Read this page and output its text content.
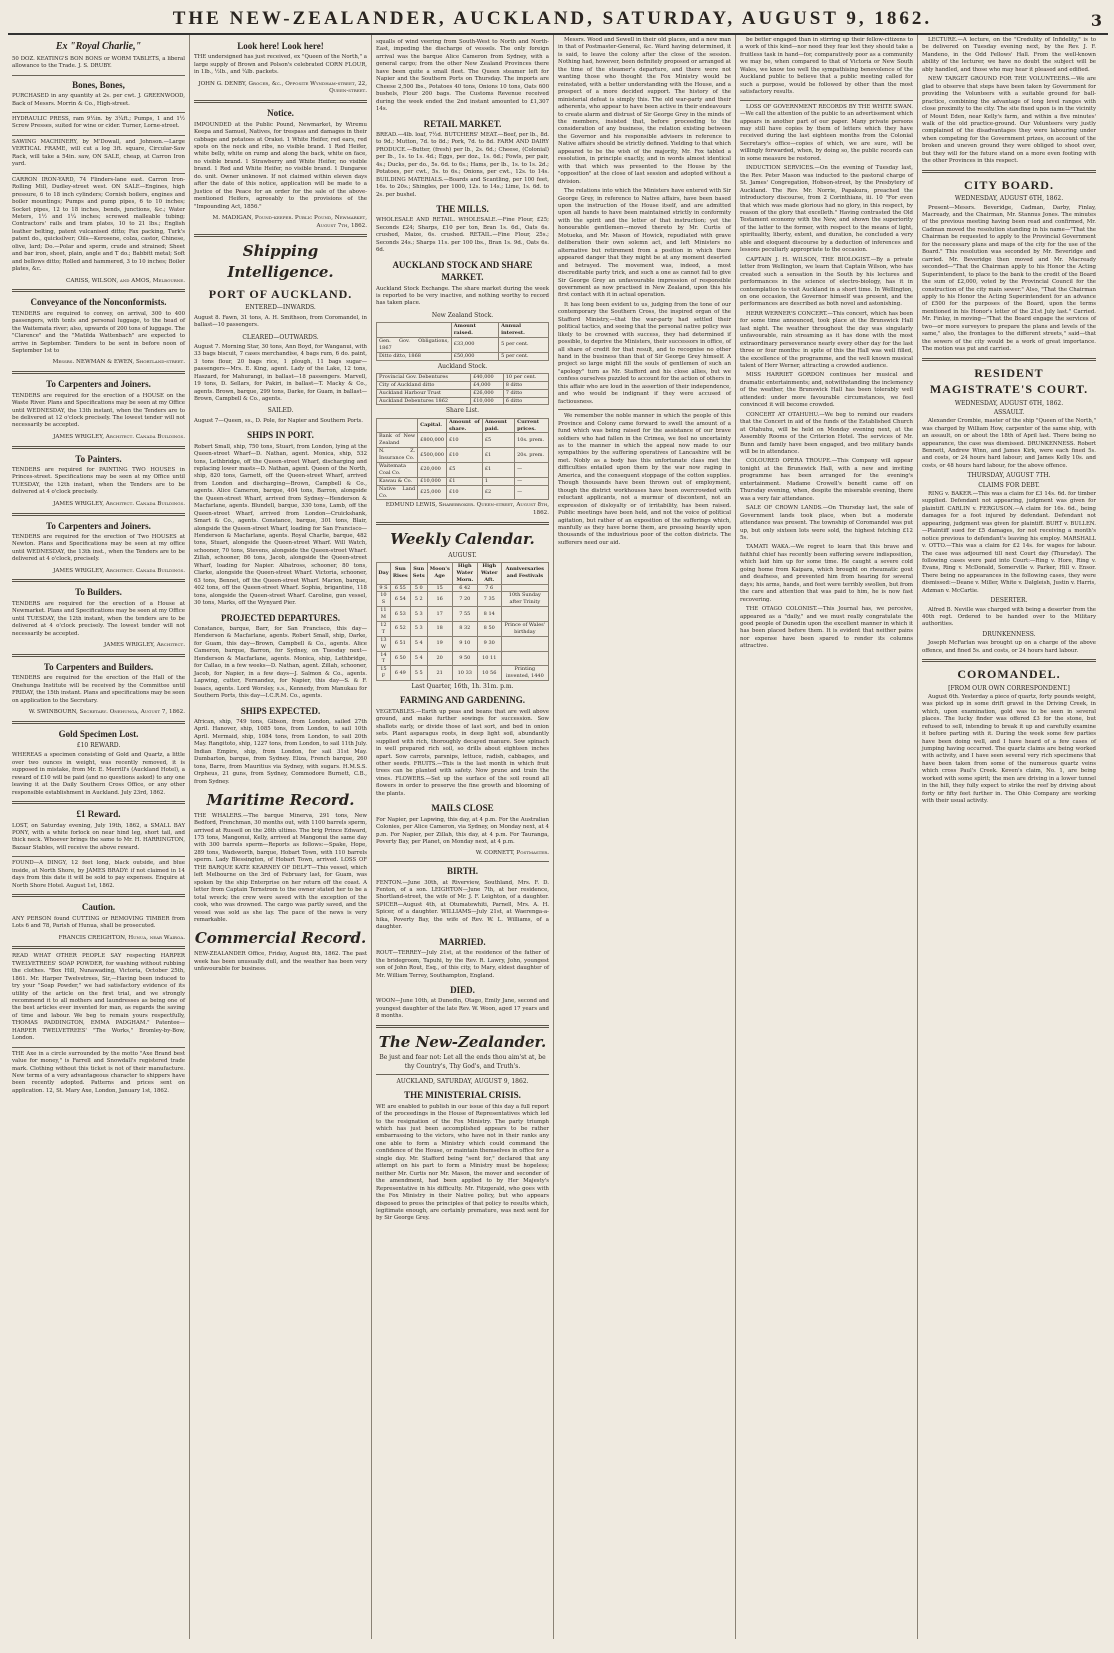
THE NEW-ZEALANDER, AUCKLAND, SATURDAY, AUGUST 9, 1862.	3
Ex "Royal Charlie,"
50 DOZ. KEATING'S BON BONS or WORM TABLETS, a liberal allowance to the Trade. J. S. DRUBY.
Bones, Bones,
PURCHASED in any quantity at 2s. per cwt. J. GREENWOOD, Back of Messrs. Morrin & Co., High-street.
HYDRAULIC PRESS, ram 9½in. by 3¼ft.; Pumps, 1 and 1½ Screw Presses, suited for wine or cider. Turner, Lorne-street.
SAWING MACHINERY, by M'Dowall, and Johnson.—Large VERTICAL FRAME, will cut a log 3ft. square, Circular-Saw Rack, will take a 54in. saw, ON SALE, cheap, at Carron Iron yard.
CARRON IRON-YARD, 74 Flinders-lane east. Carron Iron-Rolling Mill, Dudley-street west. ON SALE—Engines, high pressure, 6 to 18 inch cylinders; Cornish boilers, engines and boiler mountings; Pumps and pump pipes, 6 to 10 inches; Socket pipes, 12 to 18 inches, bends, junctions, &c.; Water Meters, 1½ and 1¼ inches; screwed malleable tubing; Contractors' rails and tram plates, 10 to 21 lbs.; English leather belting, patent vulcanised ditto; Fax packing, Turk's patent do., quicksilver; Oils—Kerosene, colza, castor, Chinese, olive, lard; Do.—Polar and sperm, crude and strained; Sheet and bar iron, sheet, plain, angle and T do.; Babbitt metal; Soft and bellows ditto; Rolled and hammered, 3 to 10 inches; Boiler plates, &c.
CARISS, WILSON, and AMOS, Melbourne.
Conveyance of the Nonconformists.
TENDERS are required to convey, on arrival, 300 to 400 passengers, with tents and personal luggage, to the head of the Waitemata river; also, upwards of 200 tons of luggage. The "Clarence" and the "Matilda Wattenbach" are expected to arrive in September. Tenders to be sent in before noon of September 1st to
Messrs. NEWMAN & EWEN, Shortland-street.
To Carpenters and Joiners.
TENDERS are required for the erection of a HOUSE on the Waste River. Plans and Specifications may be seen at my Office until WEDNESDAY, the 13th instant, when the Tenders are to be delivered at 12 o'clock precisely. The lowest tender will not necessarily be accepted.
JAMES WRIGLEY, Architect. Canada Buildings.
To Painters.
TENDERS are required for PAINTING TWO HOUSES in Princes-street. Specifications may be seen at my Office until TUESDAY, the 12th instant, when the Tenders are to be delivered at 4 o'clock precisely.
JAMES WRIGLEY, Architect. Canada Buildings.
To Carpenters and Joiners.
TENDERS are required for the erection of Two HOUSES at Newton. Plans and Specifications may be seen at my office until WEDNESDAY, the 13th inst., when the Tenders are to be delivered at 4 o'clock, precisely.
JAMES WRIGLEY, Architect. Canada Buildings.
To Builders.
TENDERS are required for the erection of a House at Newmarket. Plans and Specifications may be seen at my Office until TUESDAY, the 12th instant, when the tenders are to be delivered at 4 o'clock precisely. The lowest tender will not necessarily be accepted.
JAMES WRIGLEY, Architect.
To Carpenters and Builders.
TENDERS are required for the erection of the Hall of the Onehunga Institute will be received by the Committee until FRIDAY, the 15th instant. Plans and specifications may be seen on application to the Secretary.
W. SWINBOURN, Secretary. Onehunga, August 7, 1862.
Gold Specimen Lost.
£10 REWARD.
WHEREAS a specimen consisting of Gold and Quartz, a little over two ounces in weight, was recently removed, it is supposed in mistake, from Mr. E. Merrill's (Auckland Hotel), a reward of £10 will be paid (and no questions asked) to any one leaving it at the Daily Southern Cross Office, or any other responsible establishment in Auckland. July 23rd, 1862.
£1 Reward.
LOST, on Saturday evening, July 19th, 1862, a SMALL BAY PONY, with a white forlock on near hind leg, short tail, and thick neck. Whoever brings the same to Mr. H. HARRINGTON, Bazaar Stables, will receive the above reward.
FOUND—A DINGY, 12 feet long, black outside, and blue inside, at North Shore, by JAMES BRADY: if not claimed in 14 days from this date it will be sold to pay expenses. Enquire at North Shore Hotel. August 1st, 1862.
Caution.
ANY PERSON found CUTTING or REMOVING TIMBER from Lots 6 and 78, Parish of Hunua, shall be prosecuted.
FRANCIS CREIGHTON, Hunua, near Wairoa.
READ WHAT OTHER PEOPLE SAY respecting HARPER TWELVETREES' SOAP POWDER, for washing without rubbing the clothes. "Box Hill, Nunawading, Victoria, October 25th, 1861. Mr. Harper Twelvetrees, Sir,—Having been induced to try your "Soap Powder," we had satisfactory evidence of its utility of the article on the first trial, and we strongly recommend it to all mothers and laundresses as being one of the best articles ever invented for man, as regards the saving of time and labour. We beg to remain yours respectfully, THOMAS PADDINGTON, EMMA PADGHAM." Patentee—HARPER TWELVETREES' "The Works," Bromley-by-Bow, London.
THE Axe in a circle surrounded by the motto "Axe Brand best value for money," is Farrell and Snowdall's registered trade mark. Clothing without this ticket is not of their manufacture. New terms of a very advantageous character to shippers have been recently adopted. Patterns and prices sent on application. 12, St. Mary Axe, London, January 1st, 1862.
Look here! Look here!
THE undersigned has just received, ex "Queen of the North," a large supply of Brown and Polson's celebrated CORN FLOUR, in 1lb., ½lb., and ¼lb. packets.
JOHN G. DENBY, Grocer, &c., Opposite Wyndham-street, 22, Queen-street.
Notice.
IMPOUNDED at the Public Pound, Newmarket, by Wiremu Keepa and Samuel, Natives, for trespass and damages in their cabbage and potatoes at Orakei. 1 White Heifer, red ears, red spots on the neck and ribs, no visible brand. 1 Red Heifer, white belly, white on rump and along the back, white on face, no visible brand. 1 Strawberry and White Heifer, no visible brand. 1 Red and White Heifer, no visible brand. 1 Dungaree do. unit. Owner unknown. If not claimed within eleven days after the date of this notice, application will be made to a Justice of the Peace for an order for the sale of the above-mentioned Heifers, agreeably to the provisions of the "Impounding Act, 1856."
M. MADIGAN, Pound-keeper. Public Pound, Newmarket, August 7th, 1862.
Shipping Intelligence.
PORT OF AUCKLAND.
ENTERED—INWARDS.
August 8. Fawn, 31 tons, A. H. Smithson, from Coromandel, in ballast—10 passengers.
CLEARED—OUTWARDS.
August 7. Morning Star, 30 tons, Ann Boyd, for Wanganui, with 33 bags biscuit, 7 cases merchandise, 4 bags rum, 6 do. paint, 3 tons flour, 20 bags rice, 1 plough, 11 bags sugar—passengers—Mrs. E. King, agent. Lady of the Lake, 12 tons, Haszard, for Mahurangi, in ballast—18 passengers. Marvell, 19 tons, D. Sellars, for Pakiri, in ballast—T. Macky & Co., agents. Brown, barque, 299 tons, Darke, for Guam, in ballast—Brown, Campbell & Co., agents.
SAILED.
August 7—Queen, ss., D. Pole, for Napier and Southern Ports.
SHIPS IN PORT.
Robert Small, ship, 750 tons, Stuart, from London, lying at the Queen-street Wharf—D. Nathan, agent. Monica, ship, 532 tons, Lethbridge, off the Queen-street Wharf, discharging and replacing lower masts—D. Nathan, agent. Queen of the North, ship, 820 tons, Garnett, off the Queen-street Wharf, arrived from London and discharging—Brown, Campbell & Co., agents. Alice Cameron, barque, 404 tons, Barron, alongside the Queen-street Wharf, arrived from Sydney—Henderson & Macfarlane, agents. Blundell, barque, 330 tons, Lamb, off the Queen-street Wharf, arrived from London—Cruickshank, Smart & Co., agents. Constance, barque, 301 tons, Blair, alongside the Queen-street Wharf, loading for San Francisco—Henderson & Macfarlane, agents. Royal Charlie, barque, 482 tons, Stuart, alongside the Queen-street Wharf. Will Watch, schooner, 70 tons, Stevens, alongside the Queen-street Wharf. Zillah, schooner, 86 tons, Jacob, alongside the Queen-street Wharf, loading for Napier. Albatross, schooner, 80 tons, Clarke, alongside the Queen-street Wharf. Victoria, schooner, 63 tons, Bennet, off the Queen-street Wharf. Marion, barque, 402 tons, off the Queen-street Wharf. Sophia, brigantine, 118 tons, alongside the Queen-street Wharf. Caroline, gun vessel, 30 tons, Marks, off the Wynyard Pier.
PROJECTED DEPARTURES.
Constance, barque, Barr, for San Francisco, this day—Henderson & Macfarlane, agents. Robert Small, ship, Darke, for Guam, this day—Brown, Campbell & Co., agents. Alice Cameron, barque, Barron, for Sydney, on Tuesday next—Henderson & Macfarlane, agents. Monica, ship, Lethbridge, for Callao, in a few weeks—D. Nathan, agent. Zillah, schooner, Jacob, for Napier, in a few days—J. Salmon & Co., agents. Lapwing, cutter, Fernandez, for Napier, this day—S. & F. Isaacs, agents. Lord Worsley, s.s., Kennedy, from Manukau for Southern Ports, this day—I.C.R.M. Co., agents.
SHIPS EXPECTED.
African, ship, 749 tons, Gibson, from London, sailed 27th April. Hanover, ship, 1085 tons, from London, to sail 10th April. Mermaid, ship, 1084 tons, from London, to sail 20th May. Rangitoto, ship, 1227 tons, from London, to sail 11th July. Indian Empire, ship, from London, for sail 31st May. Dumbarton, barque, from Sydney. Eliza, French barque, 260 tons, Barre, from Mauritius via Sydney, with sugars. H.M.S.S. Orpheus, 21 guns, from Sydney, Commodore Burnett, C.B., from Sydney.
Maritime Record.
THE WHALERS.—The barque Minerva, 291 tons, New Bedford, Frenchman, 30 months out, with 1100 barrels sperm, arrived at Russell on the 26th ultimo. The brig Prince Edward, 175 tons, Mangonui, Kelly, arrived at Mangonui the same day with 300 barrels sperm—Reports as follows:—Spake, Hope, 289 tons, Wadsworth, barque, Hobart Town, with 110 barrels sperm. Lady Blessington, of Hobart Town, arrived. LOSS OF THE BARQUE KATE KEARNEY OF DELFT—This vessel, which left Melbourne on the 3rd of February last, for Guam, was spoken by the ship Enterprise on her return off the coast. A letter from Captain Ternstrom to the owner stated her to be a total wreck; the crew were saved with the exception of the cook, who was drowned. The cargo was partly saved, and the vessel was sold as she lay. The pace of the news is very remarkable.
Commercial Record.
NEW-ZEALANDER Office, Friday, August 8th, 1862. The past week has been unusually dull, and the weather has been very unfavourable for business.
squalls of wind veering from South-West to North and North-East, impeding the discharge of vessels. The only foreign arrival was the barque Alice Cameron from Sydney, with a general cargo; from the other New Zealand Provinces there have been quite a small fleet. The Queen steamer left for Napier and the Southern Ports on Thursday. The imports are Cheese 2,500 lbs., Potatoes 40 tons, Onions 10 tons, Oats 600 bushels, Flour 200 bags. The Customs Revenue received during the week ended the 2nd instant amounted to £1,307 14s.
RETAIL MARKET.
BREAD.—4lb. loaf, 7½d. BUTCHERS' MEAT.—Beef, per lb., 8d. to 9d.; Mutton, 7d. to 8d.; Pork, 7d. to 8d. FARM AND DAIRY PRODUCE.—Butter, (fresh) per lb., 2s. 6d.; Cheese, (Colonial) per lb., 1s. to 1s. 4d.; Eggs, per doz., 1s. 6d.; Fowls, per pair, 4s.; Ducks, per do., 5s. 6d. to 6s.; Hams, per lb., 1s. to 1s. 2d.; Potatoes, per cwt., 5s. to 6s.; Onions, per cwt., 12s. to 14s. BUILDING MATERIALS.—Boards and Scantling, per 100 feet, 16s. to 20s.; Shingles, per 1000, 12s. to 14s.; Lime, 1s. 6d. to 2s. per bushel.
THE MILLS.
WHOLESALE AND RETAIL. WHOLESALE.—Fine Flour, £25; Seconds £24; Sharps, £10 per ton, Bran 1s. 6d., Oats 6s. crushed, Maize, 6s. crushed. RETAIL.—Fine Flour, 25s.; Seconds 24s.; Sharps 11s. per 100 lbs., Bran 1s. 9d., Oats 6s. 6d.
AUCKLAND STOCK AND SHARE MARKET.
Auckland Stock Exchange. The share market during the week is reported to be very inactive, and nothing worthy to record has taken place.
New Zealand Stock.
	Amount raised.	Annual interest.
Gen. Gov. Obligations, 1867	£33,000	5 per cent.
Ditto ditto, 1868	£50,000	5 per cent.
Auckland Stock.
Provincial Gov. Debentures	£40,000	10 per cent.
City of Auckland ditto	£4,000	8 ditto
Auckland Harbour Trust	£26,000	7 ditto
Auckland Debentures 1862	£10,000	6 ditto
Share List.
	Capital.	Amount of share.	Amount paid.	Current prices.
Bank of New Zealand	£800,000	£10	£5	10s. prem.
N. Z. Insurance Co.	£500,000	£10	£1	20s. prem.
Waitemata Coal Co.	£20,000	£5	£1	—
Kawau & Co.	£10,000	£1	1	—
Native Land Co.	£25,000	£10	£2	—
EDMUND LEWIS, Sharebroker. Queen-street, August 8th, 1862.
Weekly Calendar.
AUGUST.
Day	Sun Rises	Sun Sets	Moon's Age	High Water Morn.	High Water Aft.	Anniversaries and Festivals
9 S	6 55	5 0	15	6 42	7 6	
10 S	6 54	5 2	16	7 20	7 35	10th Sunday after Trinity
11 M	6 53	5 3	17	7 55	8 14	
12 T	6 52	5 3	18	8 32	8 50	Prince of Wales' birthday
13 W	6 51	5 4	19	9 10	9 30	
14 T	6 50	5 4	20	9 50	10 11	
15 F	6 49	5 5	21	10 33	10 56	Printing invented, 1440
Last Quarter, 16th, 1h. 31m. p.m.
FARMING AND GARDENING.
VEGETABLES.—Earth up peas and beans that are well above ground, and make further sowings for succession. Sow shallots early, or divide those of last sort, and bed in onion sets. Plant asparagus roots, in deep light soil, abundantly supplied with rich, thoroughly decayed manure. Sow spinach in well prepared rich soil, so drills about eighteen inches apart. Sow carrots, parsnips, lettuce, radish, cabbages, and other seeds. FRUITS.—This is the last month in which fruit trees can be planted with safety. Now prune and train the vines. FLOWERS.—Set up the surface of the soil round all flowers in order to preserve the fine growth and blooming of the plants.
MAILS CLOSE
For Napier, per Lapwing, this day, at 4 p.m. For the Australian Colonies, per Alice Cameron, via Sydney, on Monday next, at 4 p.m. For Napier, per Zillah, this day, at 4 p.m. For Tauranga, Poverty Bay, per Planet, on Monday next, at 4 p.m.
W. CORNETT, Postmaster.
BIRTH.
FENTON.—June 30th, at Riverview, Southland, Mrs. F. D. Fenton, of a son. LEIGHTON—June 7th, at her residence, Shortland-street, the wife of Mr. J. F. Leighton, of a daughter. SPICER—August 4th, at Otumatewhiti, Parnell, Mrs. A. H. Spicer, of a daughter. WILLIAMS—July 21st, at Waerenga-a-hika, Poverty Bay, the wife of Rev. W. L. Williams, of a daughter.
MARRIED.
ROUT—TERREY—July 21st, at the residence of the father of the bridegroom, Tapuhi, by the Rev. R. Lawry, John, youngest son of John Rout, Esq., of this city, to Mary, eldest daughter of Mr. William Terrey, Southampton, England.
DIED.
WOON—June 10th, at Dunedin, Otago, Emily Jane, second and youngest daughter of the late Rev. W. Woon, aged 17 years and 8 months.
The New-Zealander.
Be just and fear not: Let all the ends thou aim'st at, be thy Country's, Thy God's, and Truth's.
AUCKLAND, SATURDAY, AUGUST 9, 1862.
THE MINISTERIAL CRISIS.
WE are enabled to publish in our issue of this day a full report of the proceedings in the House of Representatives which led to the resignation of the Fox Ministry. The party triumph which has just been accomplished appears to be rather embarrassing to the victors, who have not in their ranks any one able to form a Ministry which could command the confidence of the House, or maintain themselves in office for a single day. Mr. Stafford being "sent for," declared that any attempt on his part to form a Ministry must be hopeless; neither Mr. Curtis nor Mr. Mason, the mover and seconder of the amendment, had been applied to by Her Majesty's Representative in his difficulty. Mr. Fitzgerald, who goes with the Fox Ministry in their Native policy, but who appears disposed to press the principles of that policy to results which, legitimate enough, are certainly premature, was next sent for by Sir George Grey.

Messrs. Wood and Sewell in their old places, and a new man in that of Postmaster-General, &c. Ward having determined, it is said, to leave the colony after the close of the session. Nothing had, however, been definitely proposed or arranged at the time of the steamer's departure, and there were not wanting those who thought the Fox Ministry would be reinstated, with a better understanding with the House, and a prospect of a more decided support. The history of the ministerial defeat is simply this. The old war-party and their adherents, who appear to have been active in their endeavours to create alarm and distrust of Sir George Grey in the minds of the members, insisted that, before proceeding to the consideration of any business, the relation existing between the Governor and his responsible advisers in reference to Native affairs should be strictly defined. Yielding to that which appeared to be the wish of the majority, Mr. Fox tabled a resolution, in principle exactly, and in words almost identical with that which was presented to the House by the "opposition" at the close of last session and adopted without a division.

The relations into which the Ministers have entered with Sir George Grey, in reference to Native affairs, have been based upon the instruction of the House itself, and are admitted upon all hands to have been maintained strictly in conformity with the spirit and the letter of that instruction; yet the honourable gentlemen—moved thereto by Mr. Curtis of Motueka, and Mr. Mason of Howick, repudiated with grave deliberation their own solemn act, and left Ministers no alternative but retirement from a position in which there appeared danger that they might be at any moment deserted and betrayed. The movement was, indeed, a most discreditable party trick, and such a one as cannot fail to give Sir George Grey an unfavourable impression of responsible government as now practised in New Zealand, upon this his first contact with it in actual operation.

It has long been evident to us, judging from the tone of our contemporary the Southern Cross, the inspired organ of the Stafford Ministry,—that the war-party had settled their political tactics, and seeing that the personal native policy was likely to be crowned with success, they had determined if possible, to deprive the Ministers, their successors in office, of all share of credit for that result, and to recognise no other hand in the business than that of Sir George Grey himself. A project so large might fill the souls of gentlemen of such an "apology" turn as Mr. Stafford and his close allies, but we confess ourselves puzzled to account for the action of others in this affair who are loud in the assertion of their independence, and who would be indignant if they were accused of factiousness.

We remember the noble manner in which the people of this Province and Colony came forward to swell the amount of a fund which was being raised for the assistance of our brave soldiers who had fallen in the Crimea, we feel no uncertainty as to the manner in which the appeal now made to our sympathies by the suffering operatives of Lancashire will be met. Nobly as a body has this unfortunate class met the difficulties entailed upon them by the war now raging in America, and the consequent stoppage of the cotton supplies. Though thousands have been thrown out of employment, though the district workhouses have been overcrowded with reluctant applicants, not a murmur of discontent, not an expression of disloyalty or of irritability, has been raised. Public meetings have been held, and not the voice of political agitation, but rather of an exposition of the sufferings which, manfully as they have borne them, are pressing heavily upon thousands of the industrious poor of the cotton districts. The sufferers need our aid.

be better engaged than in stirring up their fellow-citizens to a work of this kind—nor need they fear lest they should take a fruitless task in hand—for, comparatively poor as a community we may be, when compared to that of Victoria or New South Wales, we know too well the sympathising benevolence of the Auckland public to believe that a public meeting called for such a purpose, would be followed by other than the most satisfactory results.

LOSS OF GOVERNMENT RECORDS BY THE WHITE SWAN.—We call the attention of the public to an advertisement which appears in another part of our paper. Many private persons may still have copies by them of letters which they have received during the last eighteen months from the Colonial Secretary's office—copies of which, we are sure, will be willingly forwarded, when, by doing so, the public records can in some measure be restored.

INDUCTION SERVICES.—On the evening of Tuesday last, the Rev. Peter Mason was inducted to the pastoral charge of St. James' Congregation, Hobson-street, by the Presbytery of Auckland. The Rev. Mr. Norrie, Papakura, preached the introductory discourse, from 2 Corinthians, iii. 10 "For even that which was made glorious had no glory, in this respect, by reason of the glory that excelleth." Having contrasted the Old Testament economy with the New, and shown the superiority of the latter to the former, with respect to the means of light, spirituality, liberty, extent, and duration, he concluded a very able and eloquent discourse by a deduction of inferences and lessons peculiarly appropriate to the occasion.

CAPTAIN J. H. WILSON, THE BIOLOGIST.—By a private letter from Wellington, we learn that Captain Wilson, who has created such a sensation in the South by his lectures and performances in the science of electro-biology, has it in contemplation to visit Auckland in a short time. In Wellington, on one occasion, the Governor himself was present, and the performances are described as both novel and astonishing.

HERR WERNER'S CONCERT.—This concert, which has been for some time announced, took place at the Brunswick Hall last night. The weather throughout the day was singularly unfavourable, rain streaming as it has done with the most extraordinary perseverance nearly every other day for the last three or four months: in spite of this the Hall was well filled, the excellence of the programme, and the well known musical talent of Herr Werner, attracting a crowded audience.

MISS HARRIET GORDON continues her musical and dramatic entertainments; and, notwithstanding the inclemency of the weather, the Brunswick Hall has been tolerably well attended: under more favourable circumstances, we feel convinced it will become crowded.

CONCERT AT OTAHUHU.—We beg to remind our readers that the Concert in aid of the funds of the Established Church at Otahuhu, will be held on Monday evening next, at the Assembly Rooms of the Criterion Hotel. The services of Mr. Bunn and family have been engaged, and two military bands will be in attendance.

COLOURED OPERA TROUPE.—This Company will appear tonight at the Brunswick Hall, with a new and inviting programme has been arranged for the evening's entertainment. Madame Crowell's benefit came off on Thursday evening, when, despite the miserable evening, there was a very fair attendance.

SALE OF CROWN LANDS.—On Thursday last, the sale of Government lands took place, when but a moderate attendance was present. The township of Coromandel was put up, but only sixteen lots were sold, the highest fetching £12 5s.

TAMATI WAKA.—We regret to learn that this brave and faithful chief has recently been suffering severe indisposition, which laid him up for some time. He caught a severe cold going home from Kaipara, which brought on rheumatic gout and deafness, and prevented him from hearing for several days; his arms, hands, and feet were terribly swollen, but from the care and attention that was paid to him, he is now fast recovering.

THE OTAGO COLONIST.—This Journal has, we perceive, appeared as a "daily," and we must really congratulate the good people of Dunedin upon the excellent manner in which it has been placed before them. It is evident that neither pains nor expense have been spared to render its columns attractive.

LECTURE.—A lecture, on the "Credulity of Infidelity," is to be delivered on Tuesday evening next, by the Rev. J. F. Mandeno, in the Odd Fellows' Hall. From the well-known ability of the lecturer, we have no doubt the subject will be ably handled, and those who may hear it pleased and edified.

NEW TARGET GROUND FOR THE VOLUNTEERS.—We are glad to observe that steps have been taken by Government for providing the Volunteers with a suitable ground for ball-practice, combining the advantage of long level ranges with close proximity to the city. The site fixed upon is in the vicinity of Mount Eden, near Kelly's farm, and within a five minutes' walk of the old practice-ground. Our Volunteers very justly complained of the disadvantages they were labouring under when competing for the Government prizes, on account of the broken and uneven ground they were obliged to shoot over, but they will for the future stand on a more even footing with the other Provinces in this respect.

CITY BOARD.
WEDNESDAY, AUGUST 6TH, 1862.

Present—Messrs. Beveridge, Cadman, Darby, Finlay, Macready, and the Chairman, Mr. Stannus Jones. The minutes of the previous meeting having been read and confirmed, Mr. Cadman moved the resolution standing in his name—"That the Chairman be requested to apply to the Provincial Government for the necessary plans and maps of the city for the use of the Board." This resolution was seconded by Mr. Beveridge and carried. Mr. Beveridge then moved and Mr. Macready seconded—"That the Chairman apply to his Honor the Acting Superintendent, to place to the bank to the credit of the Board the sum of £2,000, voted by the Provincial Council for the construction of the city main sewer." Also, "That the Chairman apply to his Honor the Acting Superintendent for an advance of £500 for the purposes of the Board, upon the terms mentioned in his Honor's letter of the 21st July last." Carried. Mr. Finlay, in moving—"That the Board engage the services of two—or more surveyors to prepare the plans and levels of the same," also, the frontages to the different streets," said—that the sewers of the city would be a work of great importance. The motion was put and carried.

RESIDENT MAGISTRATE'S COURT.
WEDNESDAY, AUGUST 6TH, 1862.
ASSAULT.

Alexander Crombie, master of the ship "Queen of the North," was charged by William How, carpenter of the same ship, with an assault, on or about the 18th of April last. There being no appearance, the case was dismissed. DRUNKENNESS. Robert Bennett, Andrew Winn, and James Kirk, were each fined 5s. and costs, or 24 hours hard labour; and James Kelly 10s. and costs, or 48 hours hard labour, for the above offence.

THURSDAY, AUGUST 7TH.
CLAIMS FOR DEBT.

RING v. BAKER.—This was a claim for £3 14s. 6d. for timber supplied. Defendant not appearing, judgment was given for plaintiff. CARLIN v. FERGUSON.—A claim for 16s. 6d., being damages for a foot injured by defendant. Defendant not appearing, judgment was given for plaintiff. BURT v. BULLEN.—Plaintiff sued for £5 damages, for not receiving a month's notice previous to defendant's leaving his employ. MARSHALL v. OTTO.—This was a claim for £2 14s. for wages for labour. The case was adjourned till next Court day (Thursday). The following cases were paid into Court:—Ring v. Hore, Ring v. Evans, Ring v. McDonald, Somerville v. Parker, Hill v. Ensor. There being no appearances in the following cases, they were dismissed:—Deane v. Miller, White v. Dalgleish, Justin v. Harris, Adzman v. McCartie.

DESERTER.

Alfred B. Neville was charged with being a deserter from the 40th regt. Ordered to be handed over to the Military authorities.

DRUNKENNESS.

Joseph McFarlan was brought up on a charge of the above offence, and fined 5s. and costs, or 24 hours hard labour.

COROMANDEL.
[FROM OUR OWN CORRESPONDENT.]

August 6th. Yesterday a piece of quartz, forty pounds weight, was picked up in some drift gravel in the Driving Creek, in which, upon examination, gold was to be seen in several places. The lucky finder was offered £3 for the stone, but refused to sell, intending to break it up and carefully examine it before parting with it. During the week some few parties have been doing well, and I have heard of a few cases of jumping having occurred. The quartz claims are being worked with activity, and I have seen several very rich specimens that have been taken from some of the numerous quartz veins which cross Paul's Creek. Keven's claim, No. 1, are being worked with some spirit; the men are driving in a lower tunnel in the hill, they fully expect to strike the reef by driving about forty or fifty feet further in. The Ohio Company are working with their usual activity.
